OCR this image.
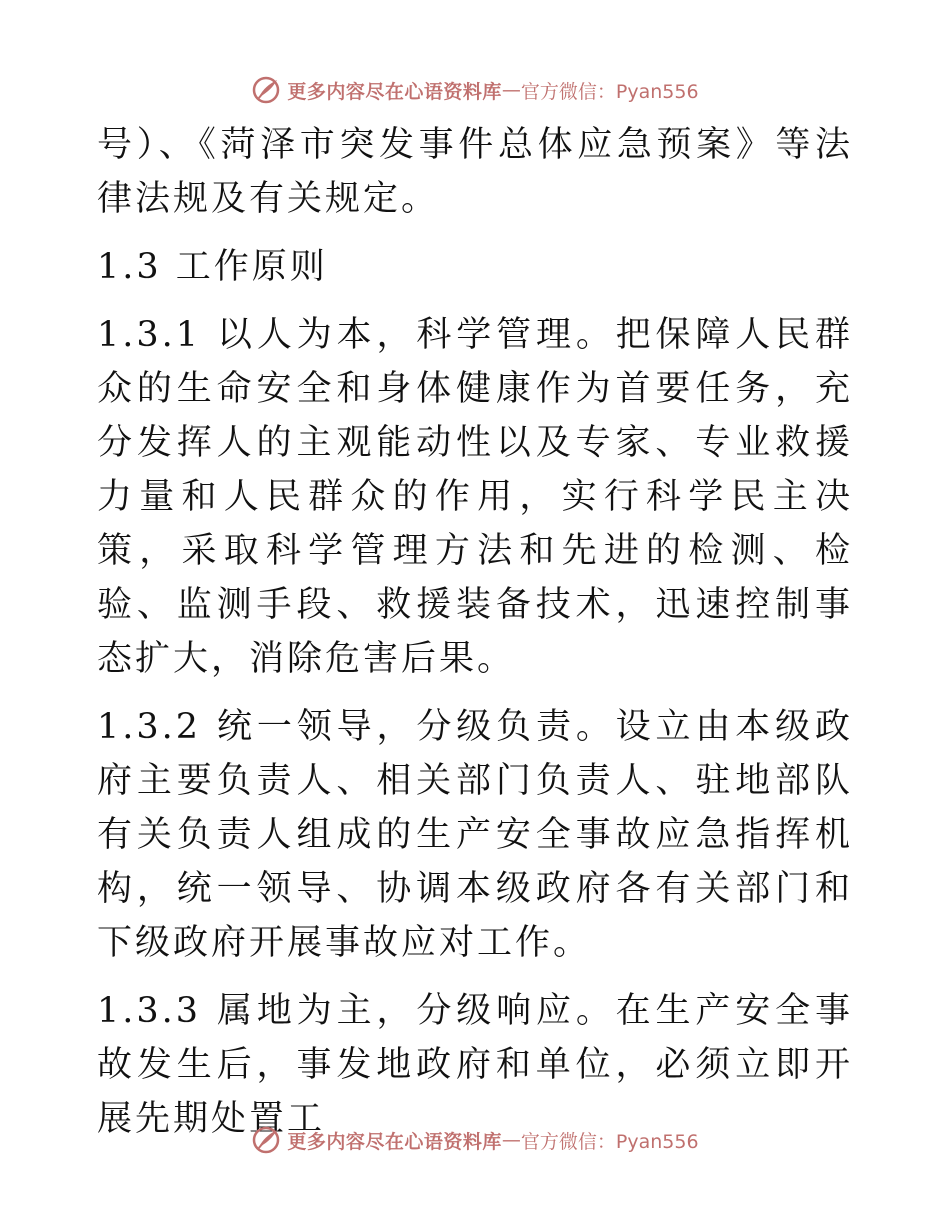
更多内容尽在心语资料库 — 官方微信：Pyan556

号）、《菏泽市突发事件总体应急预案》等法律法规及有关规定。

1.3 工作原则

1.3.1 以人为本，科学管理。把保障人民群众的生命安全和身体健康作为首要任务，充分发挥人的主观能动性以及专家、专业救援力量和人民群众的作用，实行科学民主决策，采取科学管理方法和先进的检测、检验、监测手段、救援装备技术，迅速控制事态扩大，消除危害后果。

1.3.2 统一领导，分级负责。设立由本级政府主要负责人、相关部门负责人、驻地部队有关负责人组成的生产安全事故应急指挥机构，统一领导、协调本级政府各有关部门和下级政府开展事故应对工作。

1.3.3 属地为主，分级响应。在生产安全事故发生后，事发地政府和单位，必须立即开展先期处置工

更多内容尽在心语资料库 — 官方微信：Pyan556
